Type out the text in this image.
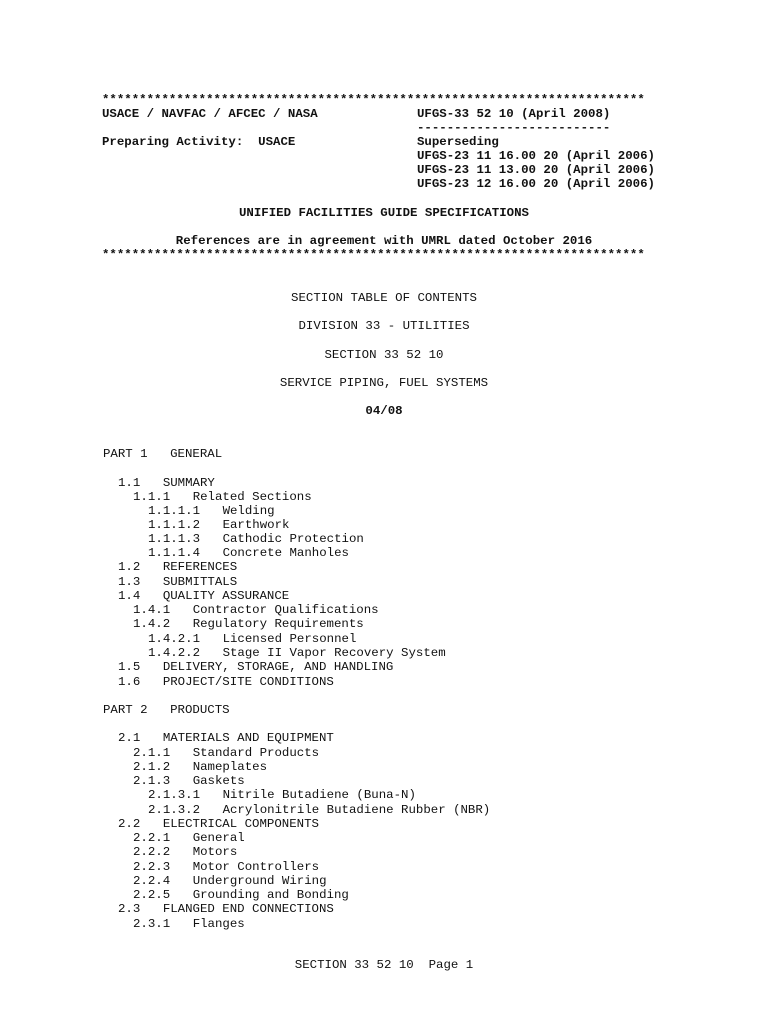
*************************************************************************
USACE / NAVFAC / AFCEC / NASA	UFGS-33 52 10 (April 2008)
--------------------------
Preparing Activity:  USACE	Superseding
UFGS-23 11 16.00 20 (April 2006)
UFGS-23 11 13.00 20 (April 2006)
UFGS-23 12 16.00 20 (April 2006)
UNIFIED FACILITIES GUIDE SPECIFICATIONS
References are in agreement with UMRL dated October 2016
*************************************************************************
SECTION TABLE OF CONTENTS
DIVISION 33 - UTILITIES
SECTION 33 52 10
SERVICE PIPING, FUEL SYSTEMS
04/08
PART 1 GENERAL
1.1 SUMMARY
1.1.1 Related Sections
1.1.1.1 Welding
1.1.1.2 Earthwork
1.1.1.3 Cathodic Protection
1.1.1.4 Concrete Manholes
1.2 REFERENCES
1.3 SUBMITTALS
1.4 QUALITY ASSURANCE
1.4.1 Contractor Qualifications
1.4.2 Regulatory Requirements
1.4.2.1 Licensed Personnel
1.4.2.2 Stage II Vapor Recovery System
1.5 DELIVERY, STORAGE, AND HANDLING
1.6 PROJECT/SITE CONDITIONS
PART 2 PRODUCTS
2.1 MATERIALS AND EQUIPMENT
2.1.1 Standard Products
2.1.2 Nameplates
2.1.3 Gaskets
2.1.3.1 Nitrile Butadiene (Buna-N)
2.1.3.2 Acrylonitrile Butadiene Rubber (NBR)
2.2 ELECTRICAL COMPONENTS
2.2.1 General
2.2.2 Motors
2.2.3 Motor Controllers
2.2.4 Underground Wiring
2.2.5 Grounding and Bonding
2.3 FLANGED END CONNECTIONS
2.3.1 Flanges
SECTION 33 52 10  Page 1
